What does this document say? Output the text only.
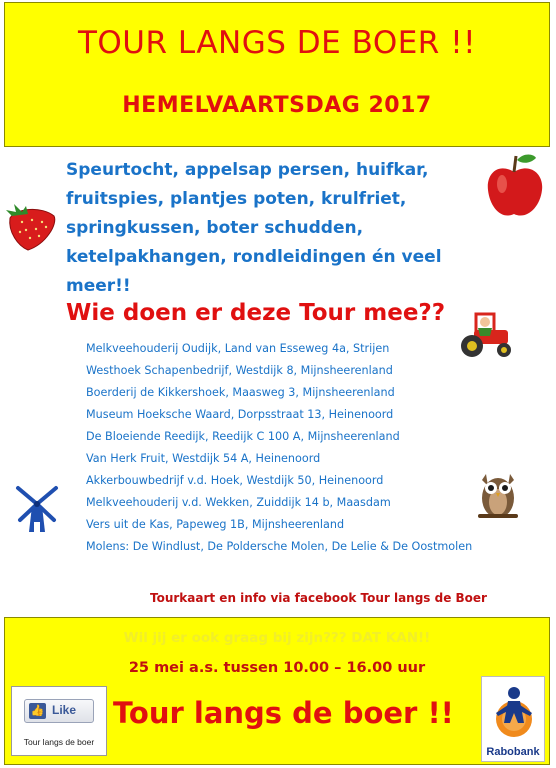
TOUR LANGS DE BOER !!
HEMELVAARTSDAG 2017
Speurtocht, appelsap persen, huifkar, fruitspies, plantjes poten, krulfriet, springkussen, boter schudden, ketelpakhangen, rondleidingen én veel meer!!
Wie doen er deze Tour mee??
Melkveehouderij Oudijk, Land van Esseweg 4a, Strijen
Westhoek Schapenbedrijf, Westdijk 8, Mijnsheerenland
Boerderij de Kikkershoek, Maasweg 3, Mijnsheerenland
Museum Hoeksche Waard, Dorpsstraat 13, Heinenoord
De Bloeiende Reedijk, Reedijk C 100 A, Mijnsheerenland
Van Herk Fruit, Westdijk 54 A, Heinenoord
Akkerbouwbedrijf v.d. Hoek, Westdijk 50, Heinenoord
Melkveehouderij v.d. Wekken, Zuiddijk 14 b, Maasdam
Vers uit de Kas, Papeweg 1B, Mijnsheerenland
Molens: De Windlust, De Poldersche Molen, De Lelie & De Oostmolen
Tourkaart en info via facebook Tour langs de Boer
Wil jij er ook graag bij zijn??? DAT KAN!!
25 mei a.s. tussen 10.00 – 16.00 uur
Tour langs de boer !!
👍 Like
Tour langs de boer
Rabobank
